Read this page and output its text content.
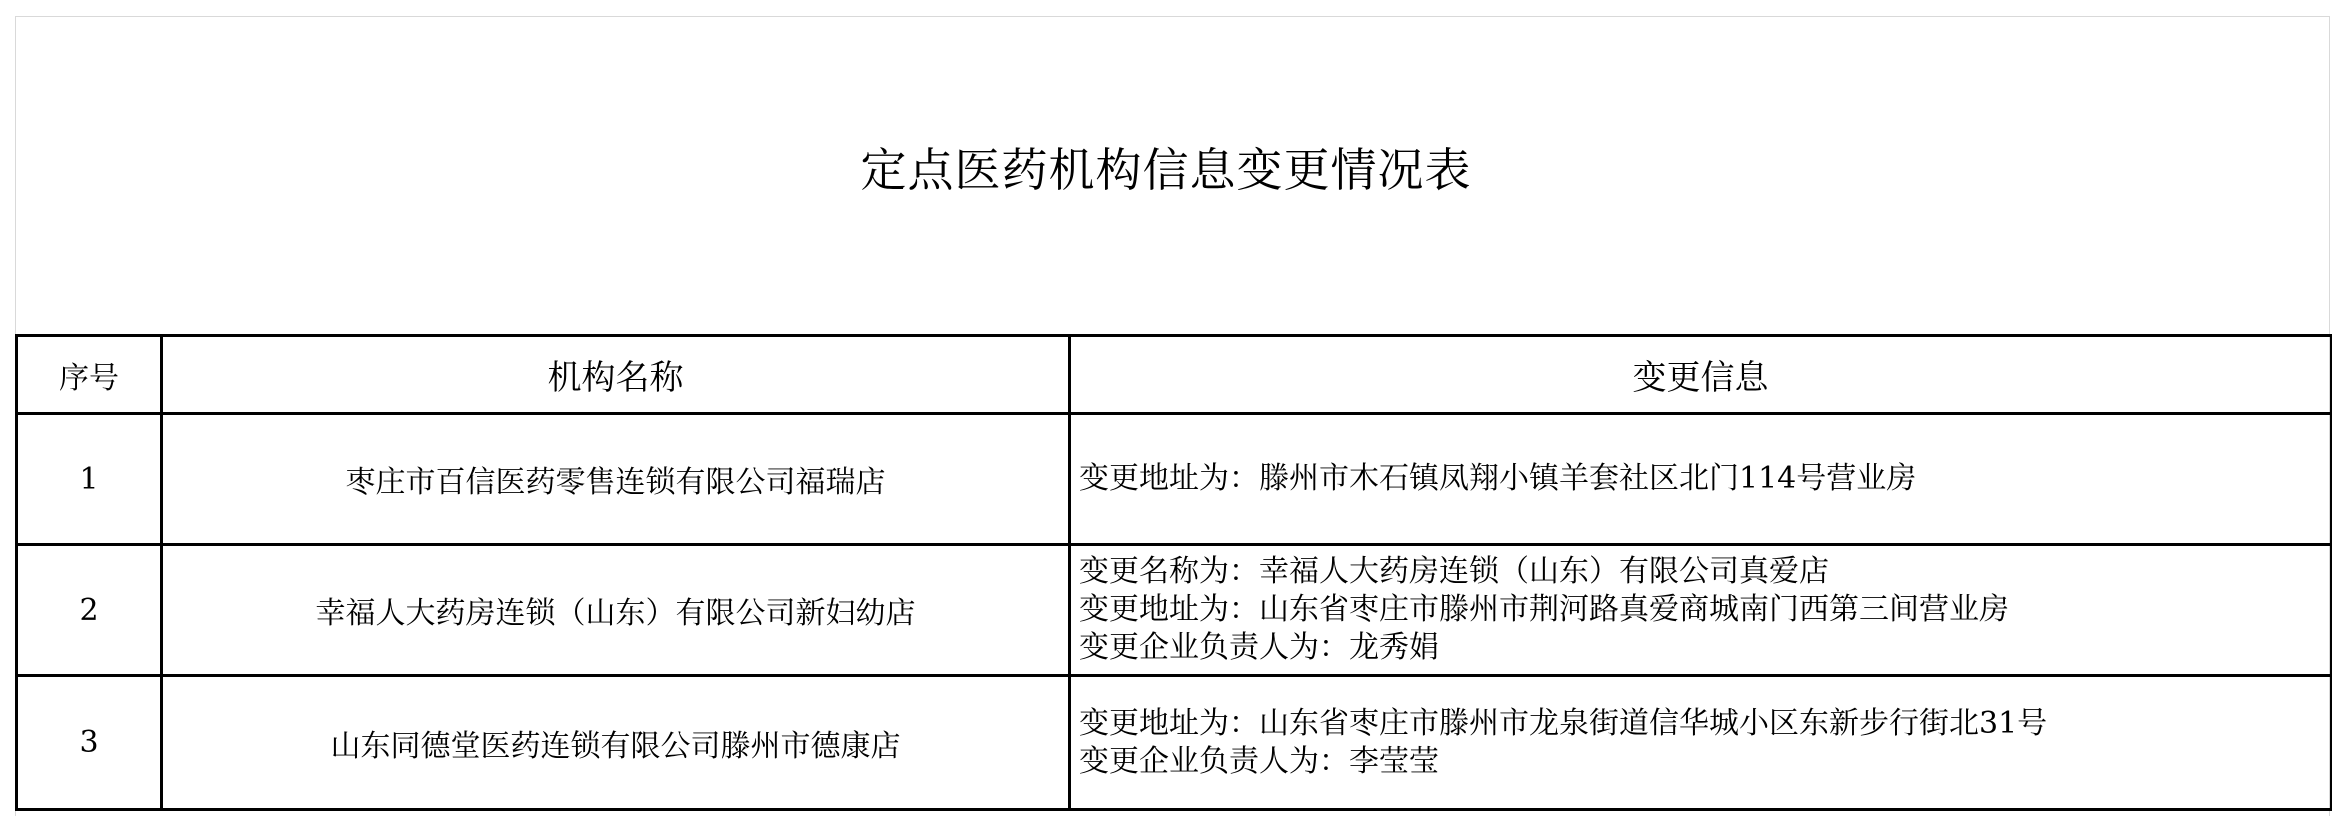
定点医药机构信息变更情况表
序号	机构名称	变更信息
1	枣庄市百信医药零售连锁有限公司福瑞店	变更地址为：滕州市木石镇凤翔小镇羊套社区北门114号营业房

2	幸福人大药房连锁（山东）有限公司新妇幼店	变更名称为：幸福人大药房连锁（山东）有限公司真爱店
变更地址为：山东省枣庄市滕州市荆河路真爱商城南门西第三间营业房
变更企业负责人为：龙秀娟

3	山东同德堂医药连锁有限公司滕州市德康店	变更地址为：山东省枣庄市滕州市龙泉街道信华城小区东新步行街北31号
变更企业负责人为：李莹莹
